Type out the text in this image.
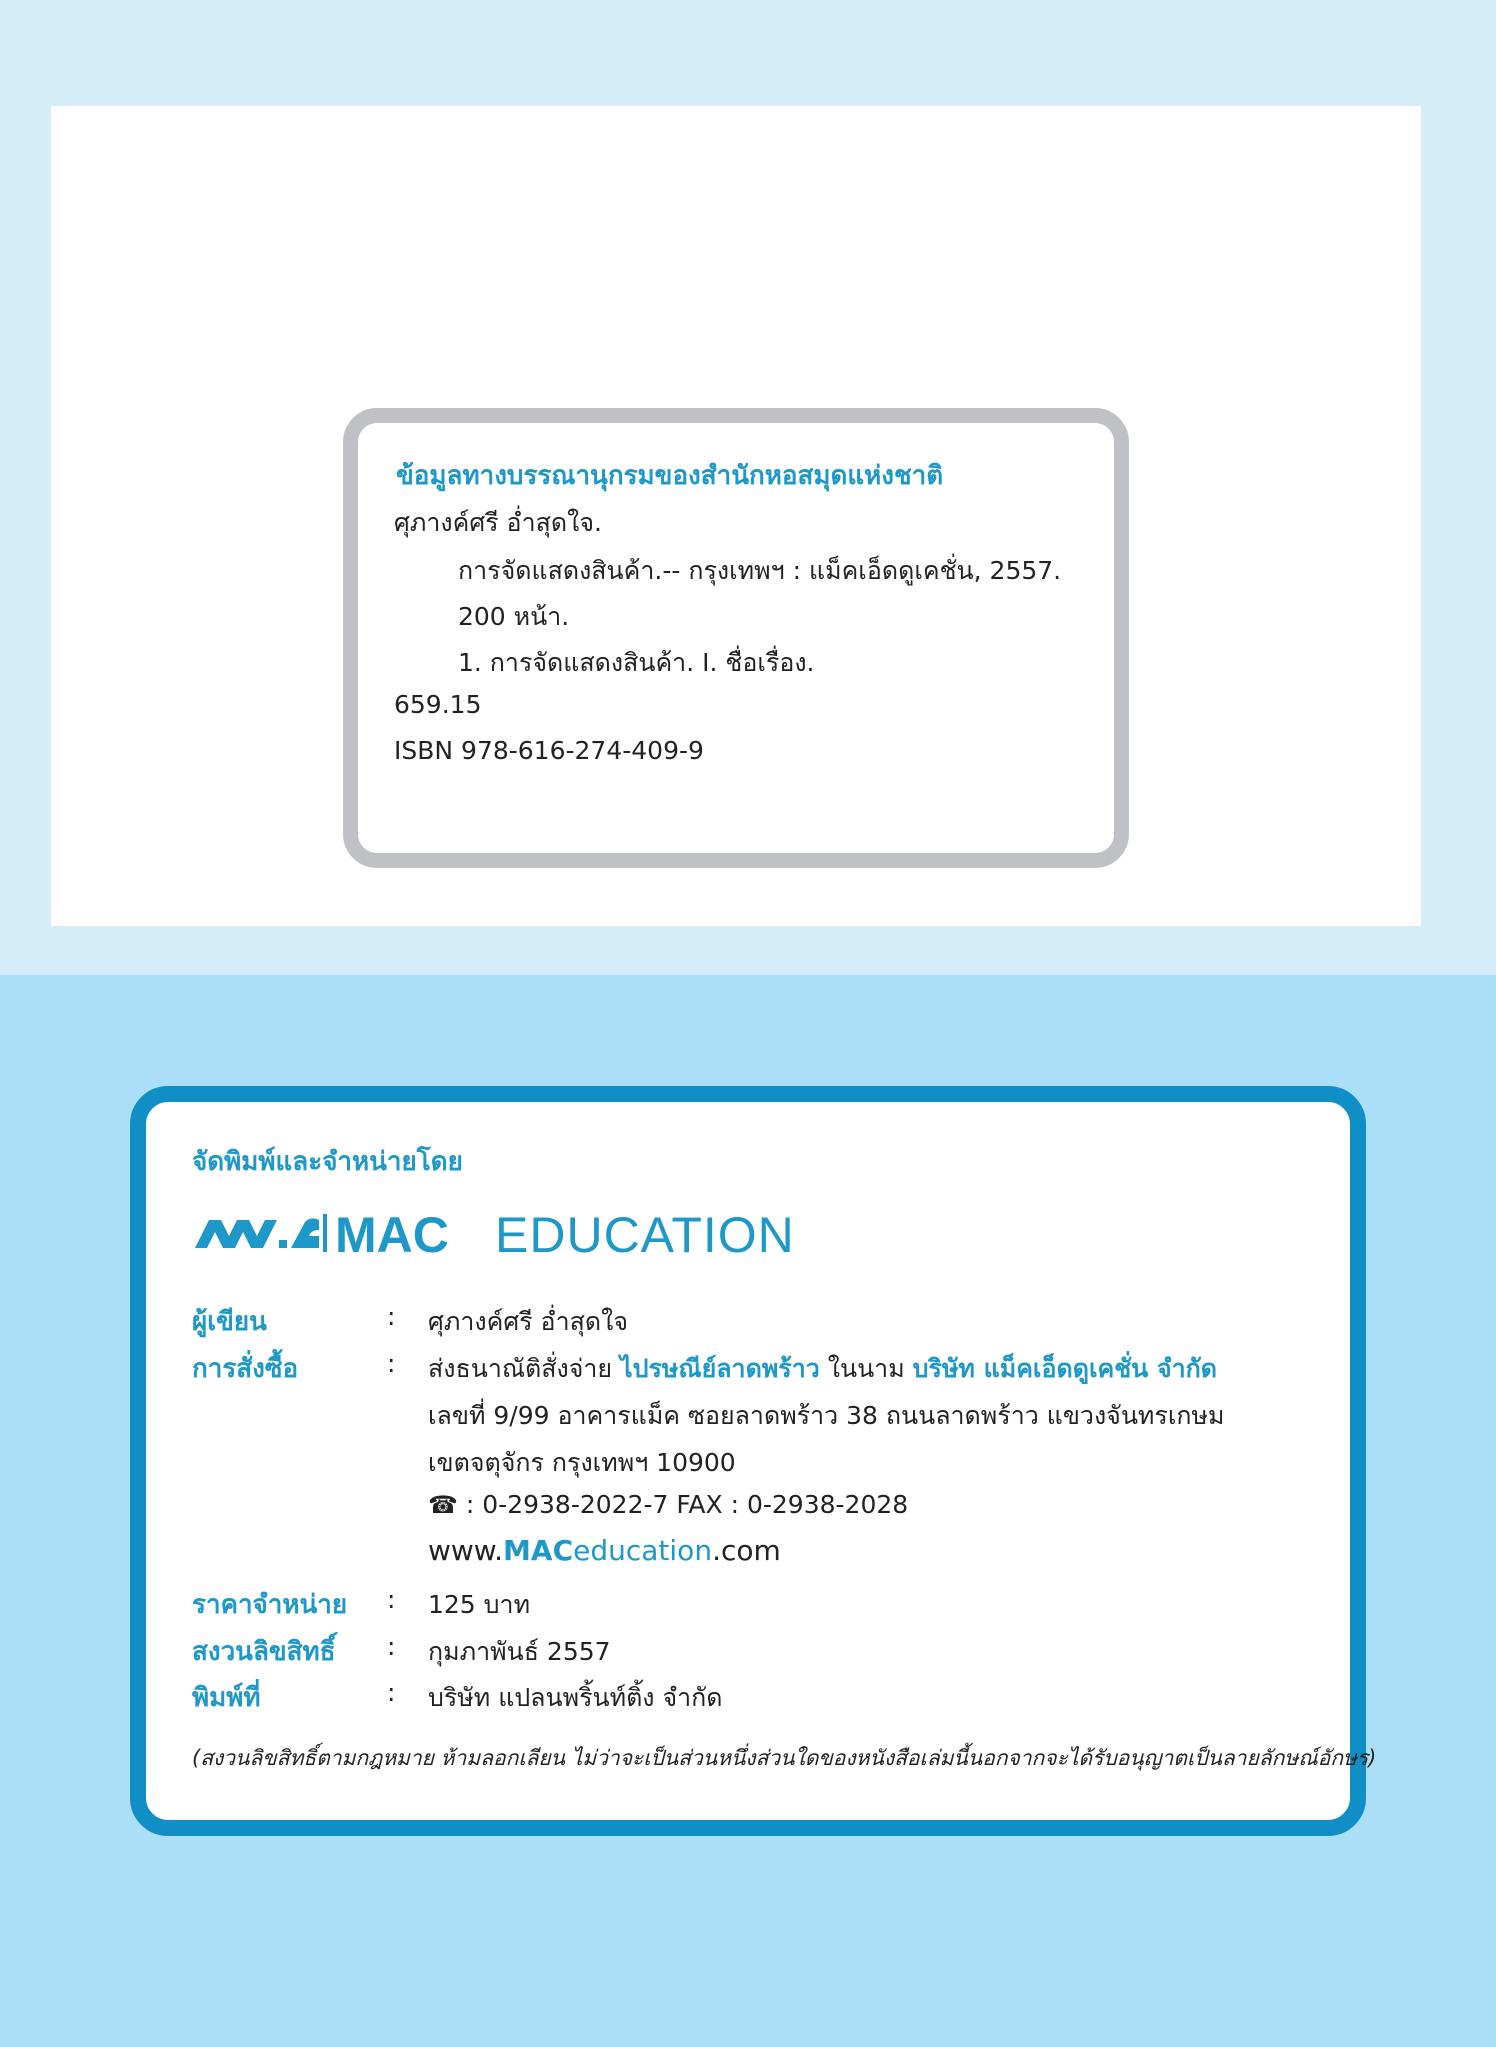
ข้อมูลทางบรรณานุกรมของสำนักหอสมุดแห่งชาติ
ศุภางค์ศรี อ่ำสุดใจ.
การจัดแสดงสินค้า.-- กรุงเทพฯ : แม็คเอ็ดดูเคชั่น, 2557.
200 หน้า.
1. การจัดแสดงสินค้า. I. ชื่อเรื่อง.
659.15
ISBN 978-616-274-409-9
จัดพิมพ์และจำหน่ายโดย
MAC EDUCATION
ผู้เขียน	: ศุภางค์ศรี อ่ำสุดใจ
การสั่งซื้อ	: ส่งธนาณัติสั่งจ่าย ไปรษณีย์ลาดพร้าว ในนาม บริษัท แม็คเอ็ดดูเคชั่น จำกัด
เลขที่ 9/99 อาคารแม็ค ซอยลาดพร้าว 38 ถนนลาดพร้าว แขวงจันทรเกษม
เขตจตุจักร กรุงเทพฯ 10900
☎ : 0-2938-2022-7 FAX : 0-2938-2028
www.MACeducation.com
ราคาจำหน่าย : 125 บาท
สงวนลิขสิทธิ์ : กุมภาพันธ์ 2557
พิมพ์ที่	: บริษัท แปลนพริ้นท์ติ้ง จำกัด
(สงวนลิขสิทธิ์ตามกฎหมาย ห้ามลอกเลียน ไม่ว่าจะเป็นส่วนหนึ่งส่วนใดของหนังสือเล่มนี้นอกจากจะได้รับอนุญาตเป็นลายลักษณ์อักษร)
